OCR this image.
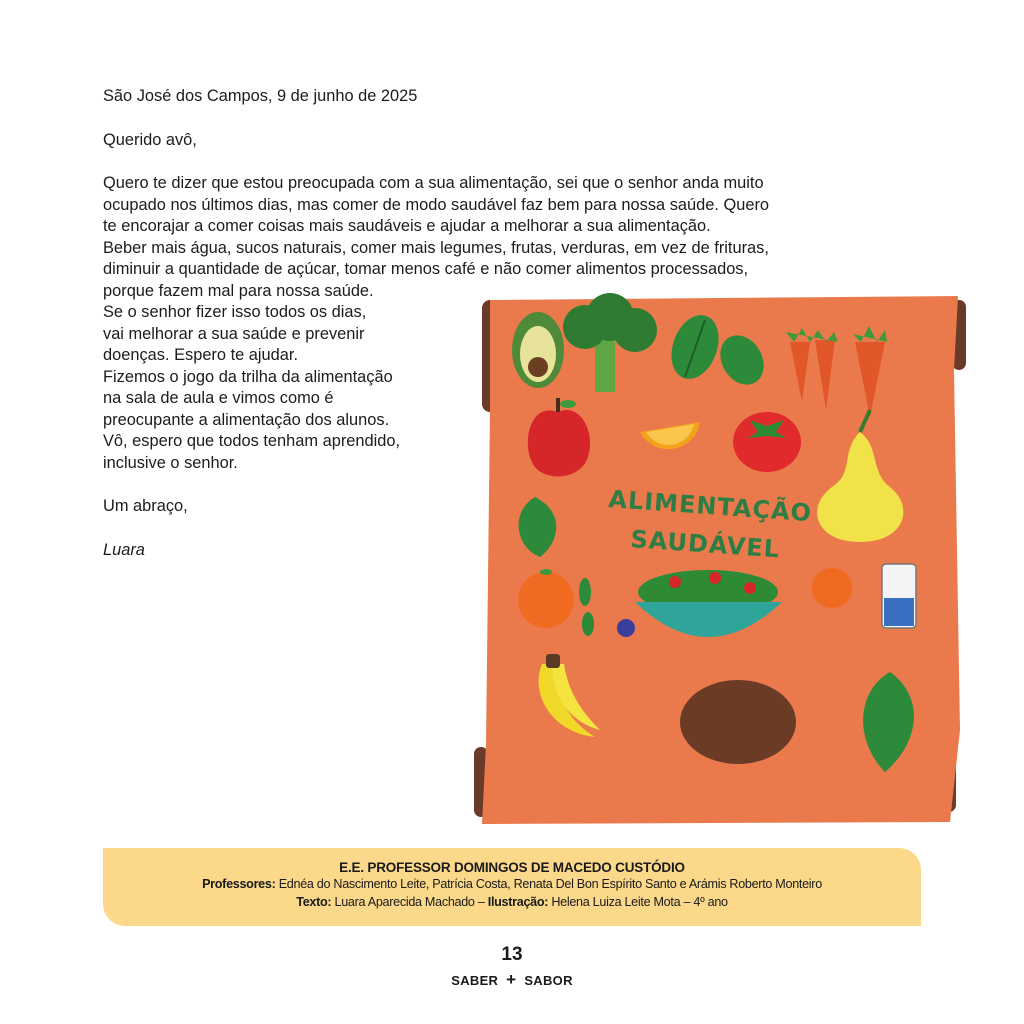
São José dos Campos, 9 de junho de 2025

Querido avô,

Quero te dizer que estou preocupada com a sua alimentação, sei que o senhor anda muito

ocupado nos últimos dias, mas comer de modo saudável faz bem para nossa saúde. Quero

te encorajar a comer coisas mais saudáveis e ajudar a melhorar a sua alimentação.

Beber mais água, sucos naturais, comer mais legumes, frutas, verduras, em vez de frituras,

diminuir a quantidade de açúcar, tomar menos café e não comer alimentos processados,

porque fazem mal para nossa saúde.

Se o senhor fizer isso todos os dias,

vai melhorar a sua saúde e prevenir

doenças. Espero te ajudar.

Fizemos o jogo da trilha da alimentação

na sala de aula e vimos como é

preocupante a alimentação dos alunos.

Vô, espero que todos tenham aprendido,

inclusive o senhor.

Um abraço,

Luara

ALIMENTAÇÃO
SAUDÁVEL
E.E. PROFESSOR DOMINGOS DE MACEDO CUSTÓDIO
Professores: Ednéa do Nascimento Leite, Patrícia Costa, Renata Del Bon Espírito Santo e Arámis Roberto Monteiro
Texto: Luara Aparecida Machado – Ilustração: Helena Luiza Leite Mota – 4º ano
13
SABER + SABOR
